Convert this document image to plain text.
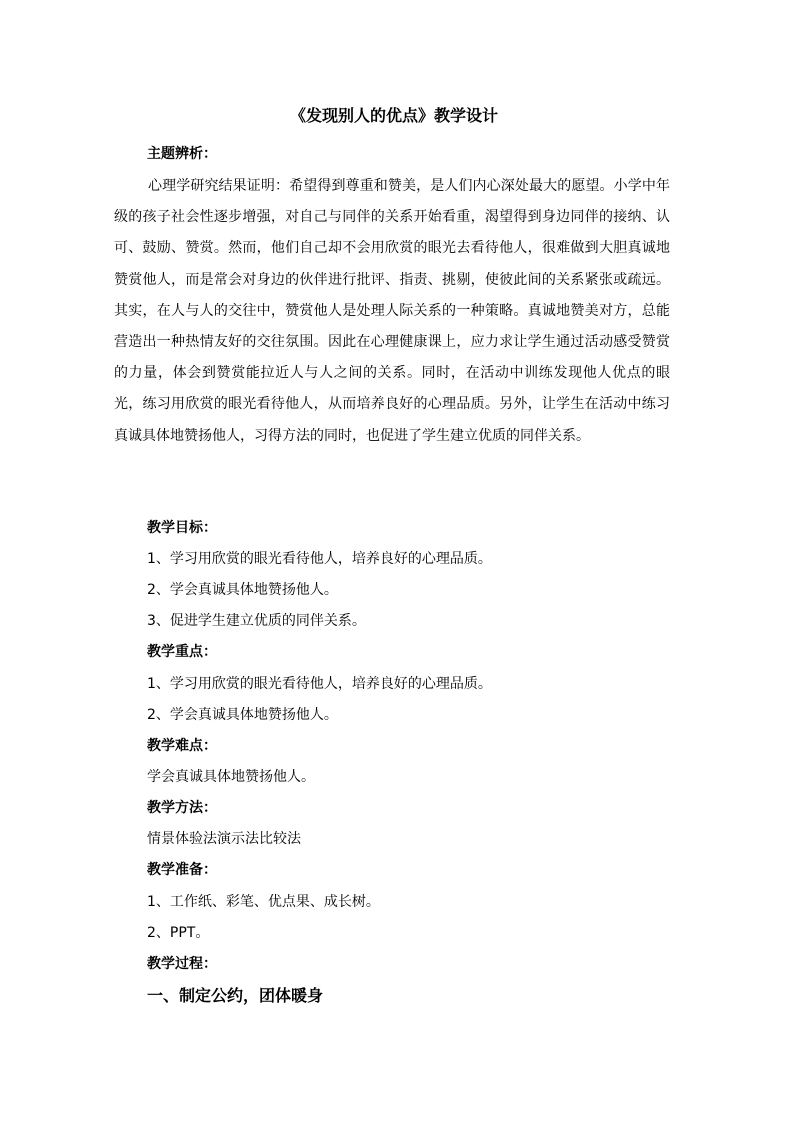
《发现别人的优点》教学设计
主题辨析：
心理学研究结果证明：希望得到尊重和赞美，是人们内心深处最大的愿望。小学中年级的孩子社会性逐步增强，对自己与同伴的关系开始看重，渴望得到身边同伴的接纳、认可、鼓励、赞赏。然而，他们自己却不会用欣赏的眼光去看待他人，很难做到大胆真诚地赞赏他人，而是常会对身边的伙伴进行批评、指责、挑剔，使彼此间的关系紧张或疏远。其实，在人与人的交往中，赞赏他人是处理人际关系的一种策略。真诚地赞美对方，总能营造出一种热情友好的交往氛围。因此在心理健康课上，应力求让学生通过活动感受赞赏的力量，体会到赞赏能拉近人与人之间的关系。同时，在活动中训练发现他人优点的眼光，练习用欣赏的眼光看待他人，从而培养良好的心理品质。另外，让学生在活动中练习真诚具体地赞扬他人，习得方法的同时，也促进了学生建立优质的同伴关系。
教学目标：
1、学习用欣赏的眼光看待他人，培养良好的心理品质。
2、学会真诚具体地赞扬他人。
3、促进学生建立优质的同伴关系。
教学重点：
1、学习用欣赏的眼光看待他人，培养良好的心理品质。
2、学会真诚具体地赞扬他人。
教学难点：
学会真诚具体地赞扬他人。
教学方法：
情景体验法演示法比较法
教学准备：
1、工作纸、彩笔、优点果、成长树。
2、PPT。
教学过程：
一、制定公约，团体暖身
